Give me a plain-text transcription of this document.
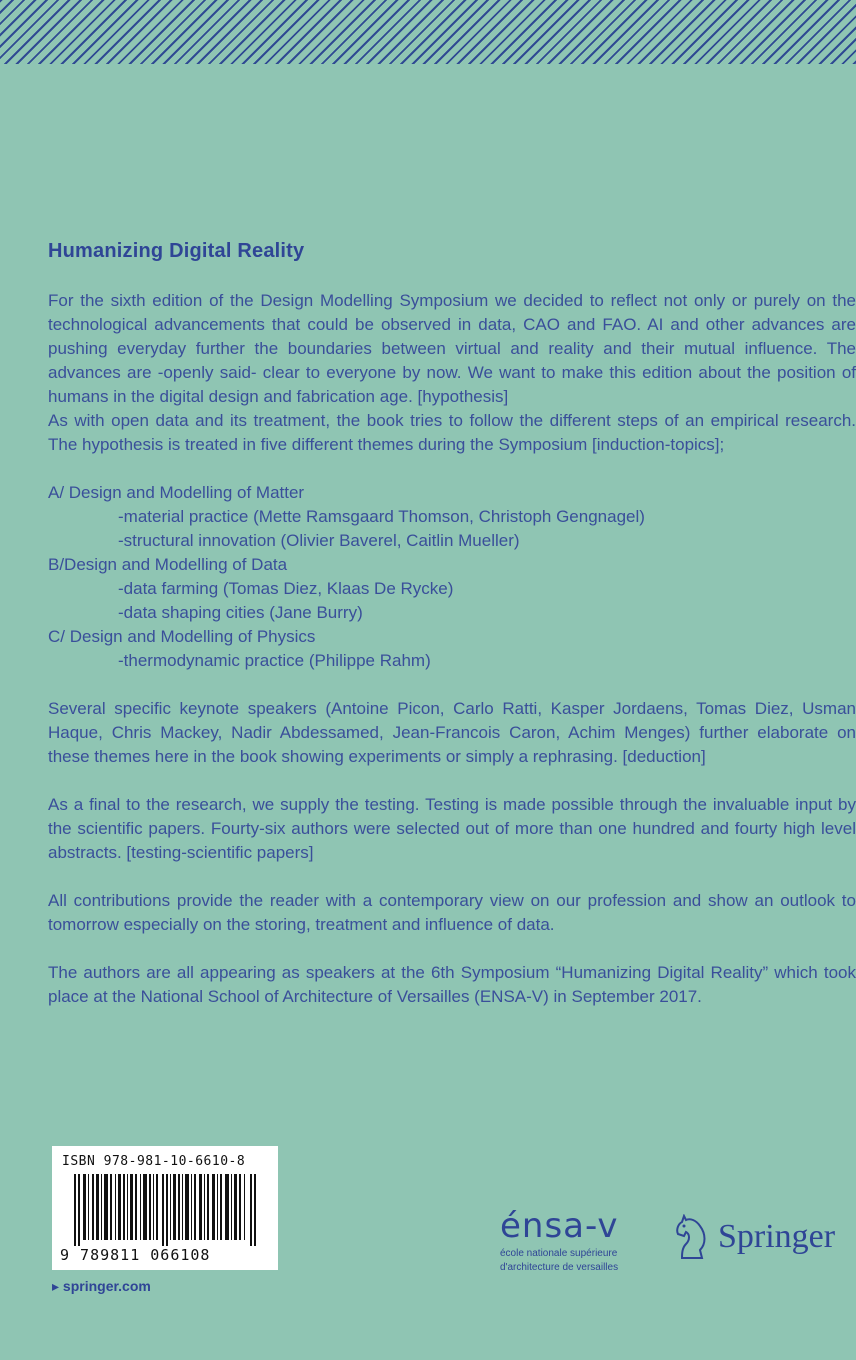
Humanizing Digital Reality

For the sixth edition of the Design Modelling Symposium we decided to reflect not only or purely on the technological advancements that could be observed in data, CAO and FAO. AI and other advances are pushing everyday further the boundaries between virtual and reality and their mutual influence. The advances are -openly said- clear to everyone by now. We want to make this edition about the position of humans in the digital design and fabrication age. [hypothesis]

As with open data and its treatment, the book tries to follow the different steps of an empirical research. The hypothesis is treated in five different themes during the Symposium [induction-topics];

A/ Design and Modelling of Matter

-material practice (Mette Ramsgaard Thomson, Christoph Gengnagel)

-structural innovation (Olivier Baverel, Caitlin Mueller)

B/Design and Modelling of Data

-data farming (Tomas Diez, Klaas De Rycke)

-data shaping cities (Jane Burry)

C/ Design and Modelling of Physics

-thermodynamic practice (Philippe Rahm)

Several specific keynote speakers (Antoine Picon, Carlo Ratti, Kasper Jordaens, Tomas Diez, Usman Haque, Chris Mackey, Nadir Abdessamed, Jean-Francois Caron, Achim Menges) further elaborate on these themes here in the book showing experiments or simply a rephrasing. [deduction]

As a final to the research, we supply the testing. Testing is made possible through the invaluable input by the scientific papers. Fourty-six authors were selected out of more than one hundred and fourty high level abstracts. [testing-scientific papers]

All contributions provide the reader with a contemporary view on our profession and show an outlook to tomorrow especially on the storing, treatment and influence of data.

The authors are all appearing as speakers at the 6th Symposium “Humanizing Digital Reality” which took place at the National School of Architecture of Versailles (ENSA-V) in September 2017.

ISBN 978-981-10-6610-8
9 789811 066108
▸ springer.com
énsa-v
école nationale supérieure
d'architecture de versailles
Springer
